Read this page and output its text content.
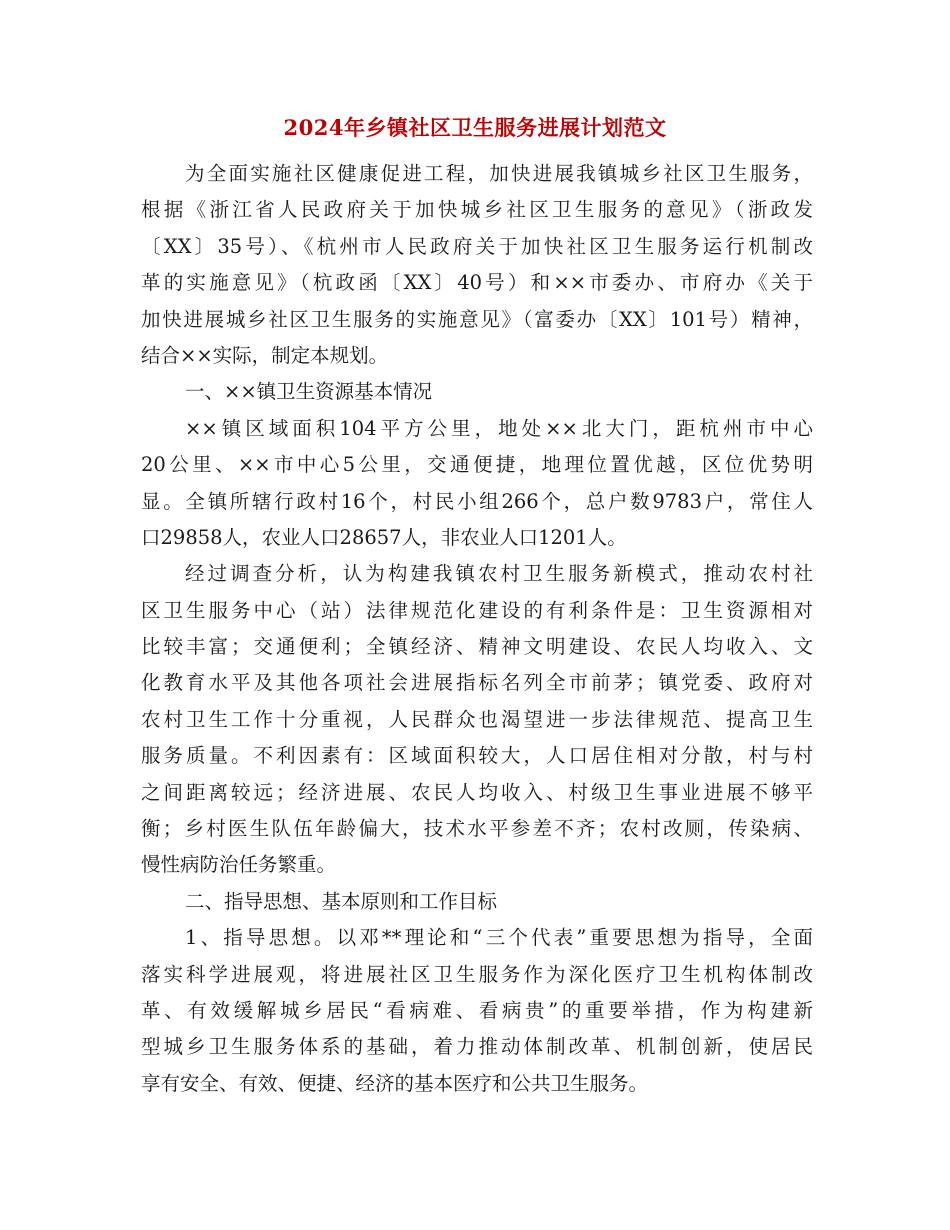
2024年乡镇社区卫生服务进展计划范文
为全面实施社区健康促进工程，加快进展我镇城乡社区卫生服务，
根据《浙江省人民政府关于加快城乡社区卫生服务的意见》（浙政发
〔XX〕35号）、《杭州市人民政府关于加快社区卫生服务运行机制改
革的实施意见》（杭政函〔XX〕40号）和××市委办、市府办《关于
加快进展城乡社区卫生服务的实施意见》（富委办〔XX〕101号）精神，
结合××实际，制定本规划。
一、××镇卫生资源基本情况
××镇区域面积104平方公里，地处××北大门，距杭州市中心
20公里、××市中心5公里，交通便捷，地理位置优越，区位优势明
显。全镇所辖行政村16个，村民小组266个，总户数9783户，常住人
口29858人，农业人口28657人，非农业人口1201人。
经过调查分析，认为构建我镇农村卫生服务新模式，推动农村社
区卫生服务中心（站）法律规范化建设的有利条件是：卫生资源相对
比较丰富；交通便利；全镇经济、精神文明建设、农民人均收入、文
化教育水平及其他各项社会进展指标名列全市前茅；镇党委、政府对
农村卫生工作十分重视，人民群众也渴望进一步法律规范、提高卫生
服务质量。不利因素有：区域面积较大，人口居住相对分散，村与村
之间距离较远；经济进展、农民人均收入、村级卫生事业进展不够平
衡；乡村医生队伍年龄偏大，技术水平参差不齐；农村改厕，传染病、
慢性病防治任务繁重。
二、指导思想、基本原则和工作目标
1、指导思想。以邓**理论和“三个代表”重要思想为指导，全面
落实科学进展观，将进展社区卫生服务作为深化医疗卫生机构体制改
革、有效缓解城乡居民“看病难、看病贵”的重要举措，作为构建新
型城乡卫生服务体系的基础，着力推动体制改革、机制创新，使居民
享有安全、有效、便捷、经济的基本医疗和公共卫生服务。
